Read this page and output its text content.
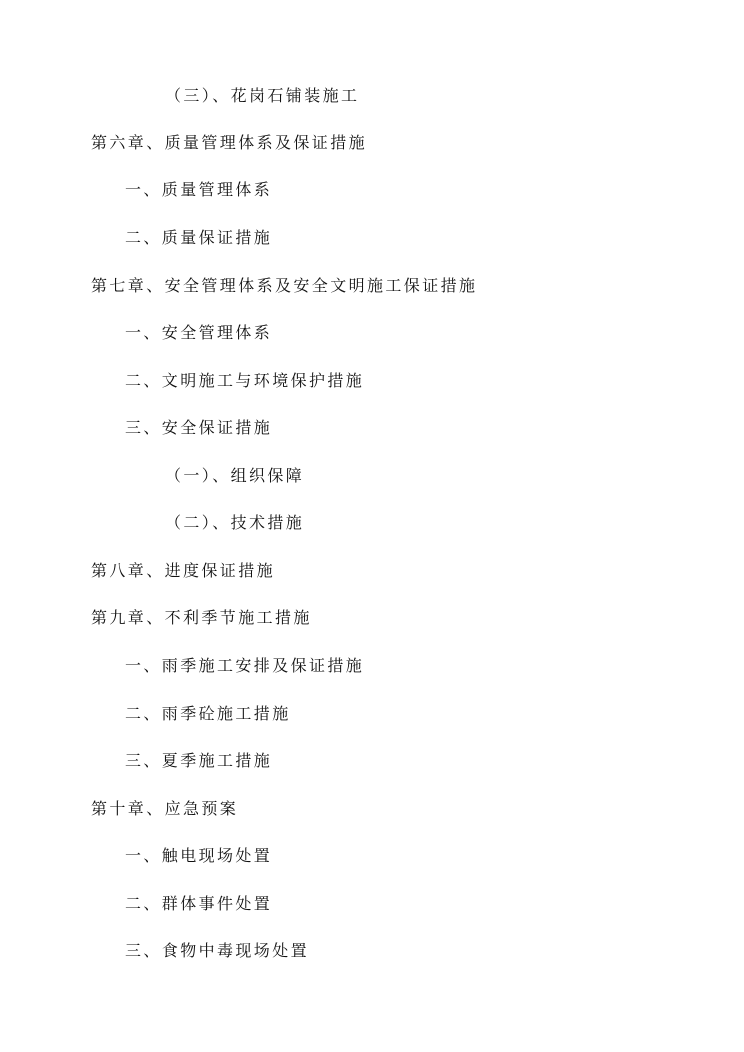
（三）、花岗石铺装施工
第六章、质量管理体系及保证措施
一、质量管理体系
二、质量保证措施
第七章、安全管理体系及安全文明施工保证措施
一、安全管理体系
二、文明施工与环境保护措施
三、安全保证措施
（一）、组织保障
（二）、技术措施
第八章、进度保证措施
第九章、不利季节施工措施
一、雨季施工安排及保证措施
二、雨季砼施工措施
三、夏季施工措施
第十章、应急预案
一、触电现场处置
二、群体事件处置
三、食物中毒现场处置
